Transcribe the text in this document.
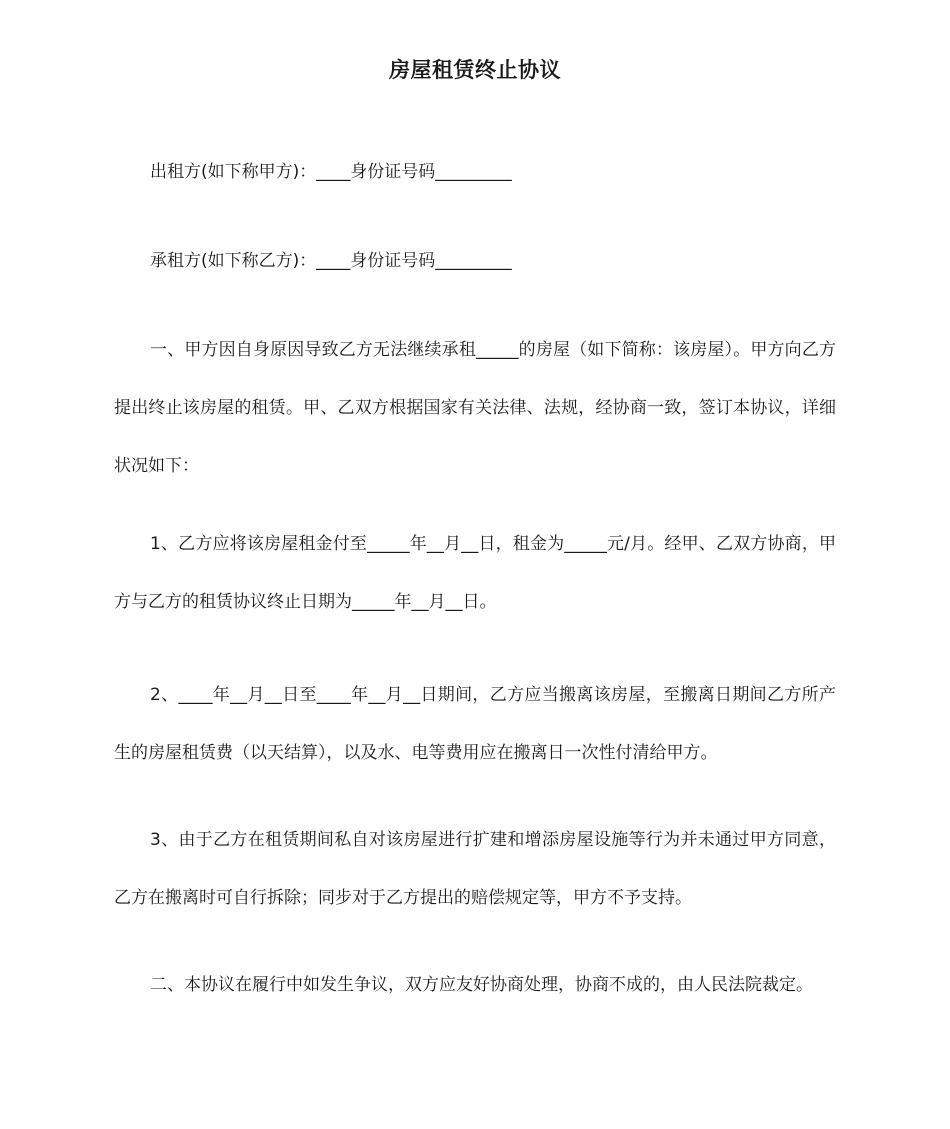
房屋租赁终止协议

出租方(如下称甲方)：____身份证号码_________

承租方(如下称乙方)：____身份证号码_________

一、甲方因自身原因导致乙方无法继续承租_____的房屋（如下简称：该房屋）。甲方向乙方提出终止该房屋的租赁。甲、乙双方根据国家有关法律、法规，经协商一致，签订本协议，详细状况如下：

1、乙方应将该房屋租金付至_____年__月__日，租金为_____元/月。经甲、乙双方协商，甲方与乙方的租赁协议终止日期为_____年__月__日。

2、____年__月__日至____年__月__日期间，乙方应当搬离该房屋，至搬离日期间乙方所产生的房屋租赁费（以天结算），以及水、电等费用应在搬离日一次性付清给甲方。

3、由于乙方在租赁期间私自对该房屋进行扩建和增添房屋设施等行为并未通过甲方同意，乙方在搬离时可自行拆除；同步对于乙方提出的赔偿规定等，甲方不予支持。

二、本协议在履行中如发生争议，双方应友好协商处理，协商不成的，由人民法院裁定。
